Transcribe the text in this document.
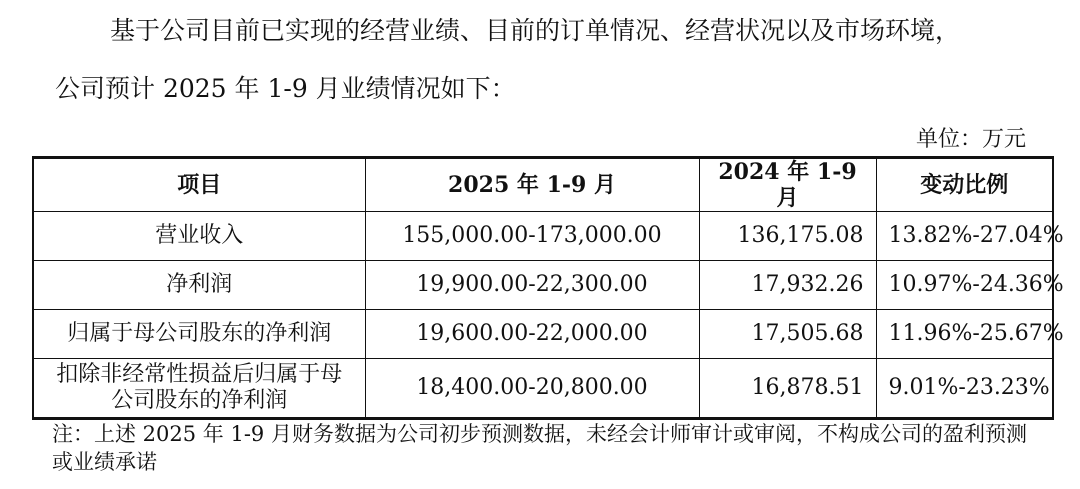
基于公司目前已实现的经营业绩、目前的订单情况、经营状况以及市场环境，
公司预计 2025 年 1-9 月业绩情况如下：
单位：万元
项目	2025 年 1-9 月	2024 年 1-9 月	变动比例
营业收入	155,000.00-173,000.00	136,175.08	13.82%-27.04%
净利润	19,900.00-22,300.00	17,932.26	10.97%-24.36%
归属于母公司股东的净利润	19,600.00-22,000.00	17,505.68	11.96%-25.67%
扣除非经常性损益后归属于母公司股东的净利润	18,400.00-20,800.00	16,878.51	9.01%-23.23%
注：上述 2025 年 1-9 月财务数据为公司初步预测数据，未经会计师审计或审阅，不构成公司的盈利预测或业绩承诺
